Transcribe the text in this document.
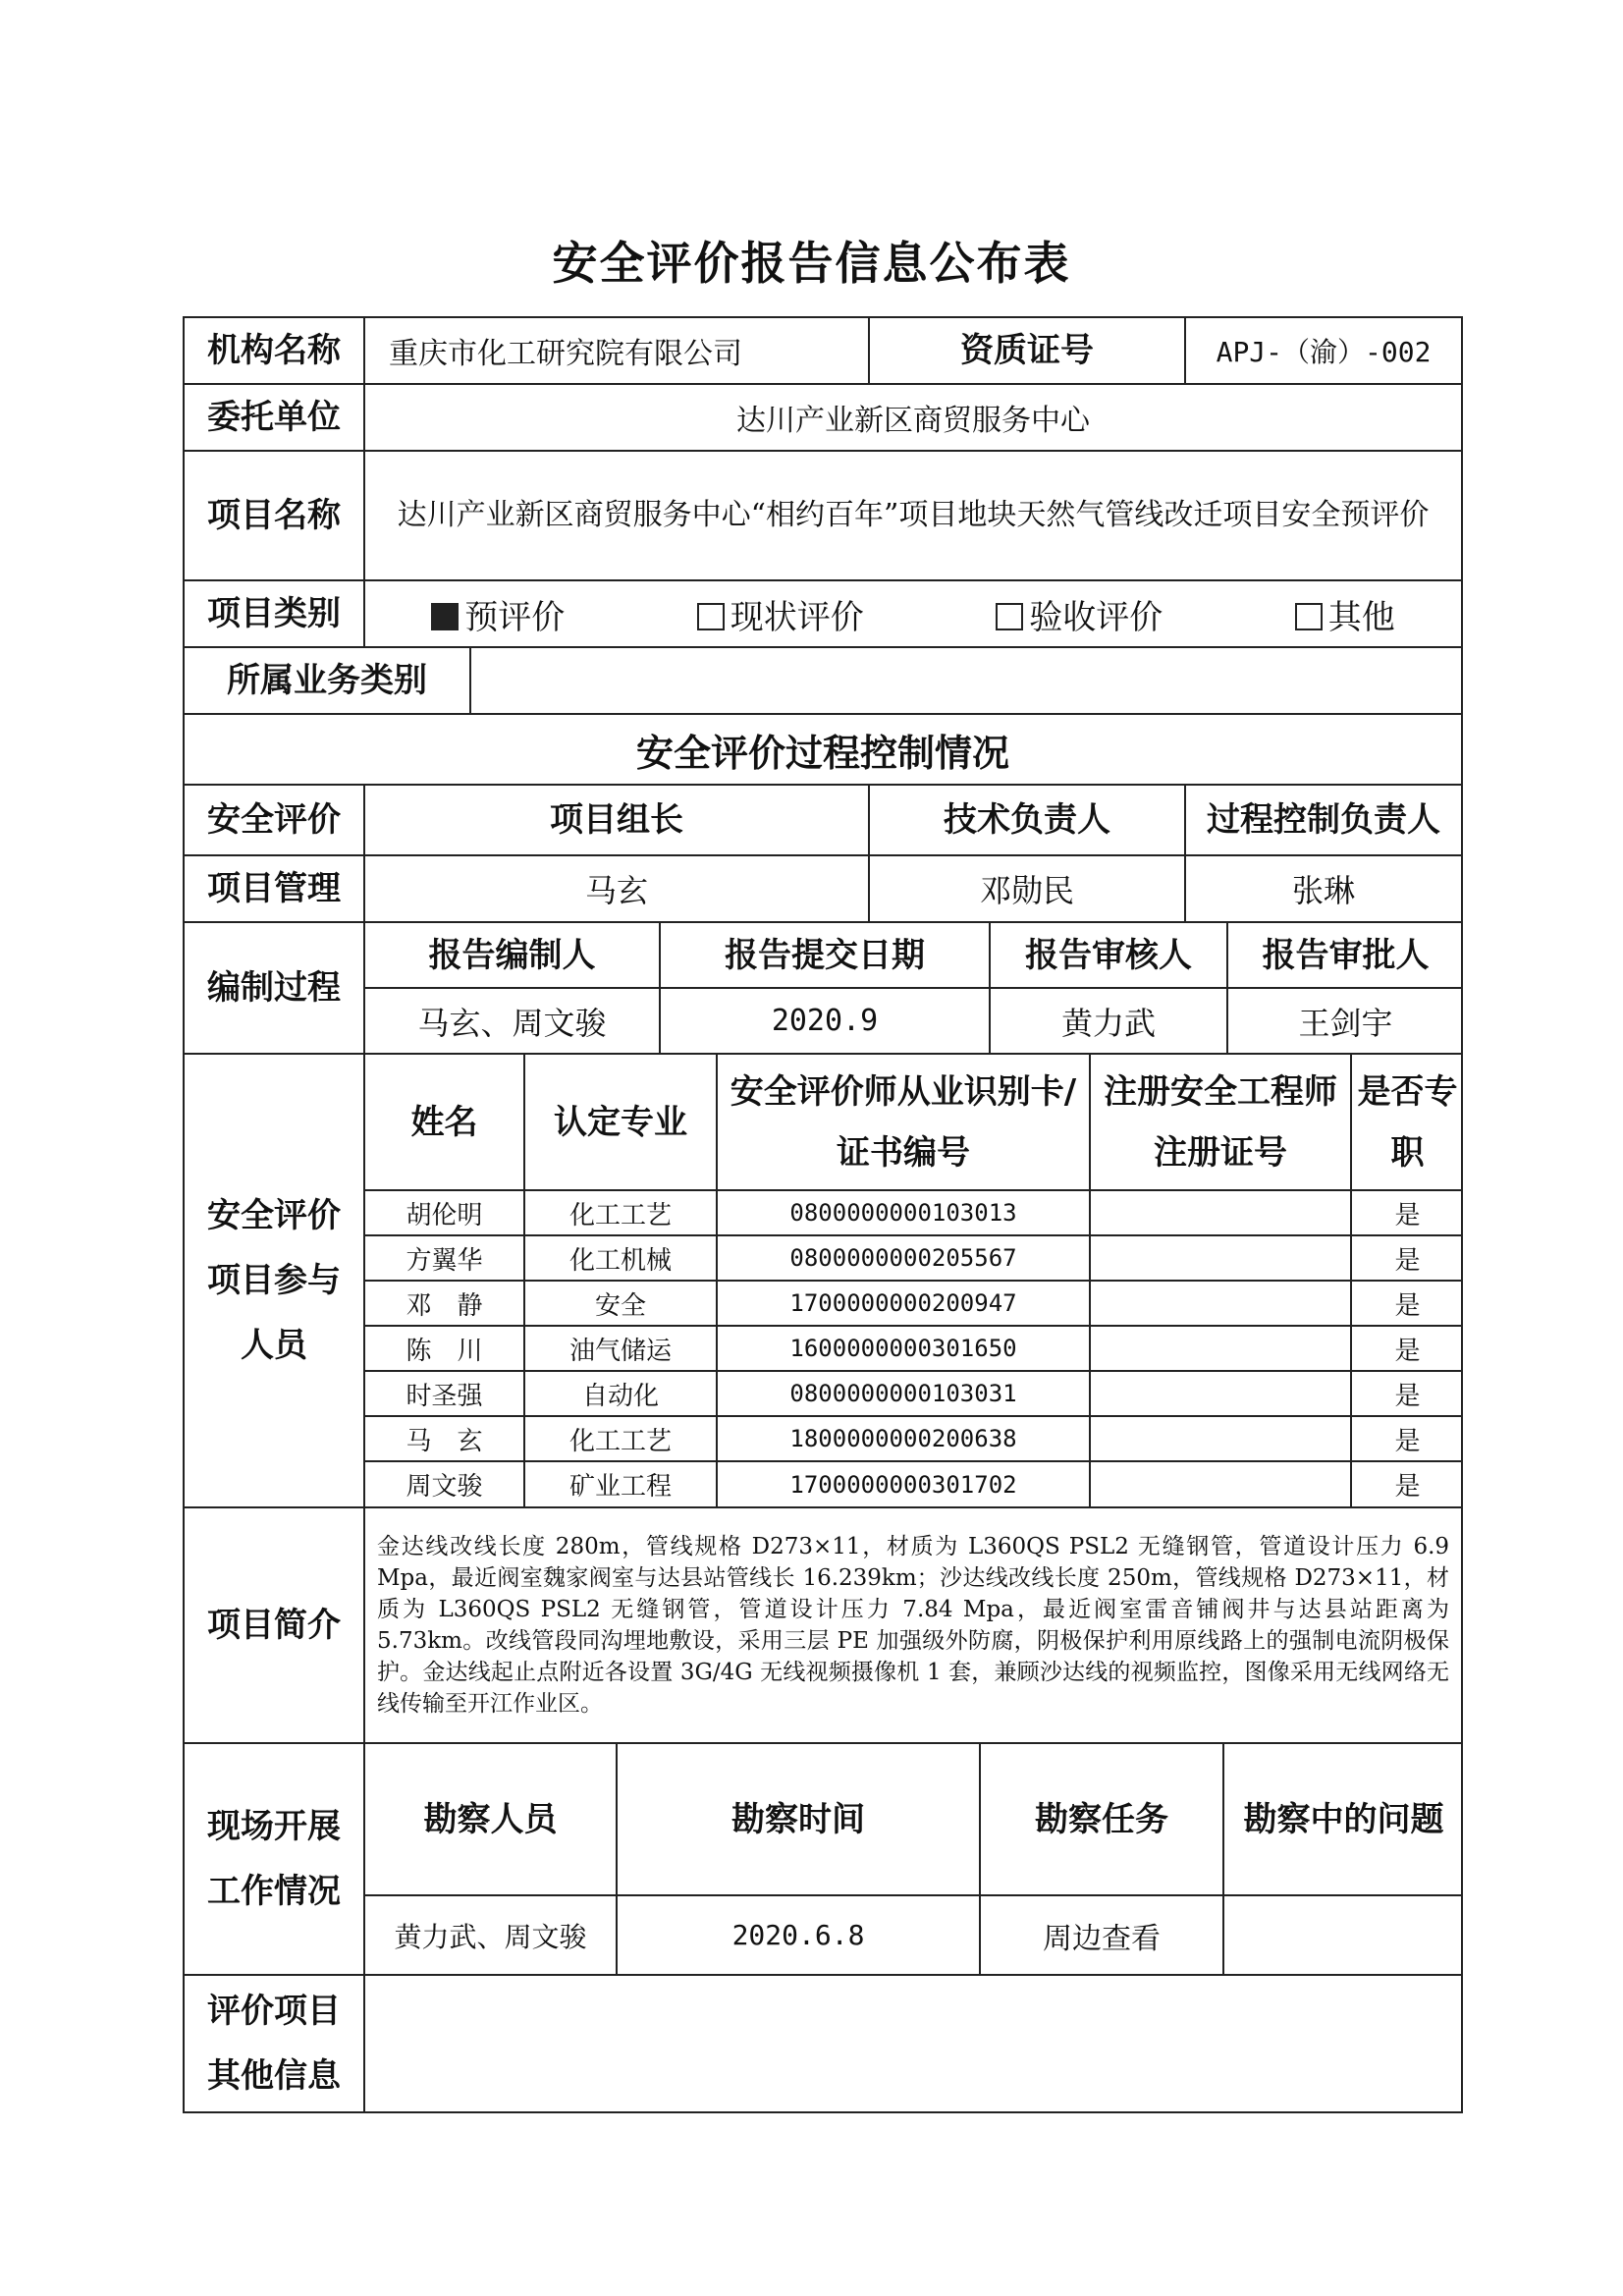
安全评价报告信息公布表
机构名称	重庆市化工研究院有限公司	资质证号	APJ-（渝）-002
委托单位	达川产业新区商贸服务中心
项目名称	达川产业新区商贸服务中心“相约百年”项目地块天然气管线改迁项目安全预评价
项目类别	预评价	现状评价	验收评价	其他

所属业务类别	
安全评价过程控制情况
安全评价	项目组长	技术负责人	过程控制负责人
项目管理	马玄	邓勋民	张琳
编制过程	
报告编制人	报告提交日期	报告审核人	报告审批人
马玄、周文骏	2020.9	黄力武	王剑宇

安全评价
项目参与
人员

姓名	认定专业	安全评价师从业识别卡/证书编号	注册安全工程师注册证号	是否专职
胡伦明	化工工艺	0800000000103013		是
方翼华	化工机械	0800000000205567		是
邓　静	安全	1700000000200947		是
陈　川	油气储运	1600000000301650		是
时圣强	自动化	0800000000103031		是
马　玄	化工工艺	1800000000200638		是
周文骏	矿业工程	1700000000301702		是

项目简介	金达线改线长度 280m，管线规格 D273×11，材质为 L360QS PSL2 无缝钢管，管道设计压力 6.9 Mpa，最近阀室魏家阀室与达县站管线长 16.239km；沙达线改线长度 250m，管线规格 D273×11，材质为 L360QS PSL2 无缝钢管，管道设计压力 7.84 Mpa，最近阀室雷音铺阀井与达县站距离为 5.73km。改线管段同沟埋地敷设，采用三层 PE 加强级外防腐，阴极保护利用原线路上的强制电流阴极保护。金达线起止点附近各设置 3G/4G 无线视频摄像机 1 套，兼顾沙达线的视频监控，图像采用无线网络无线传输至开江作业区。

现场开展
工作情况

勘察人员	勘察时间	勘察任务	勘察中的问题
黄力武、周文骏	2020.6.8	周边查看	

评价项目
其他信息
